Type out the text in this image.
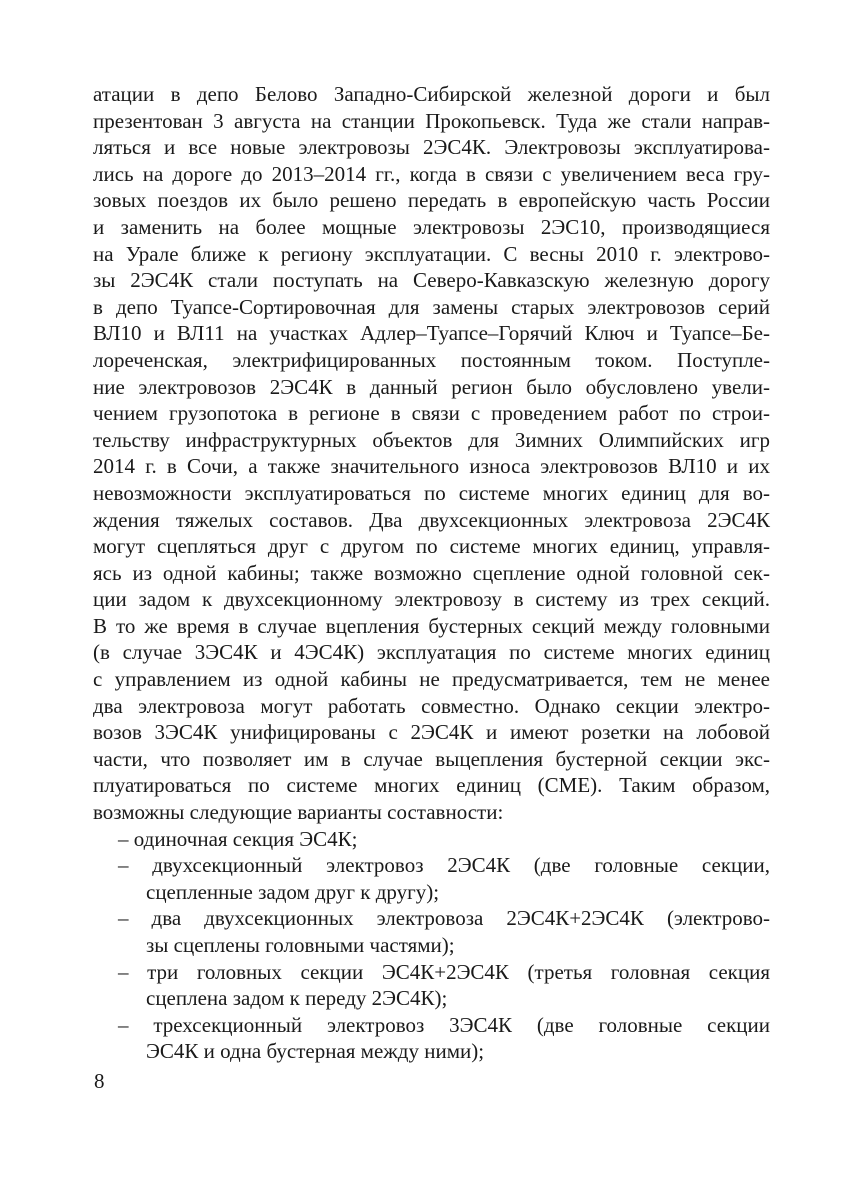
атации в депо Белово Западно-Сибирской железной дороги и был
презентован 3 августа на станции Прокопьевск. Туда же стали направ-
ляться и все новые электровозы 2ЭС4К. Электровозы эксплуатирова-
лись на дороге до 2013–2014 гг., когда в связи с увеличением веса гру-
зовых поездов их было решено передать в европейскую часть России
и заменить на более мощные электровозы 2ЭС10, производящиеся
на Урале ближе к региону эксплуатации. С весны 2010 г. электрово-
зы 2ЭС4К стали поступать на Северо-Кавказскую железную дорогу
в депо Туапсе-Сортировочная для замены старых электровозов серий
ВЛ10 и ВЛ11 на участках Адлер–Туапсе–Горячий Ключ и Туапсе–Бе-
лореченская, электрифицированных постоянным током. Поступле-
ние электровозов 2ЭС4К в данный регион было обусловлено увели-
чением грузопотока в регионе в связи с проведением работ по строи-
тельству инфраструктурных объектов для Зимних Олимпийских игр
2014 г. в Сочи, а также значительного износа электровозов ВЛ10 и их
невозможности эксплуатироваться по системе многих единиц для во-
ждения тяжелых составов. Два двухсекционных электровоза 2ЭС4К
могут сцепляться друг с другом по системе многих единиц, управля-
ясь из одной кабины; также возможно сцепление одной головной сек-
ции задом к двухсекционному электровозу в систему из трех секций.
В то же время в случае вцепления бустерных секций между головными
(в случае 3ЭС4К и 4ЭС4К) эксплуатация по системе многих единиц
с управлением из одной кабины не предусматривается, тем не менее
два электровоза могут работать совместно. Однако секции электро-
возов 3ЭС4К унифицированы с 2ЭС4К и имеют розетки на лобовой
части, что позволяет им в случае выцепления бустерной секции экс-
плуатироваться по системе многих единиц (СМЕ). Таким образом,
возможны следующие варианты составности:
– одиночная секция ЭС4К;
– двухсекционный электровоз 2ЭС4К (две головные секции,
сцепленные задом друг к другу);
– два двухсекционных электровоза 2ЭС4К+2ЭС4К (электрово-
зы сцеплены головными частями);
– три головных секции ЭС4К+2ЭС4К (третья головная секция
сцеплена задом к переду 2ЭС4К);
– трехсекционный электровоз 3ЭС4К (две головные секции
ЭС4К и одна бустерная между ними);
8
